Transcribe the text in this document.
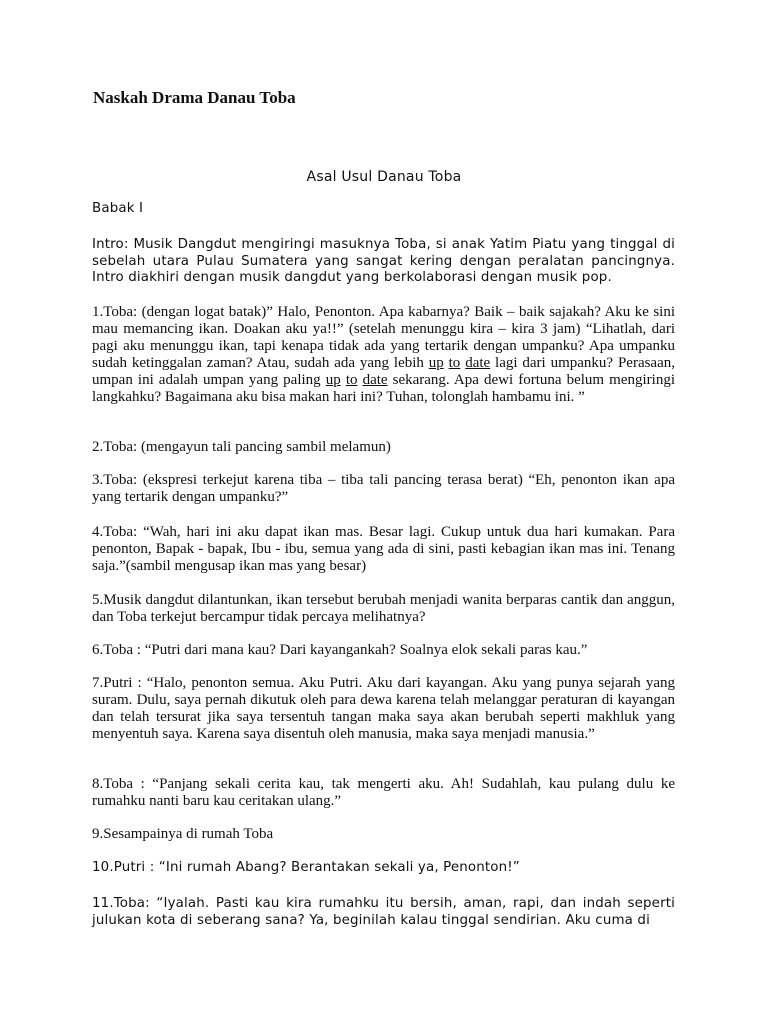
Naskah Drama Danau Toba
Asal Usul Danau Toba

Babak I

Intro: Musik Dangdut mengiringi masuknya Toba, si anak Yatim Piatu yang tinggal di sebelah utara Pulau Sumatera yang sangat kering dengan peralatan pancingnya. Intro diakhiri dengan musik dangdut yang berkolaborasi dengan musik pop.

1.Toba: (dengan logat batak)” Halo, Penonton. Apa kabarnya? Baik – baik sajakah? Aku ke sini mau memancing ikan. Doakan aku ya!!” (setelah menunggu kira – kira 3 jam) “Lihatlah, dari pagi aku menunggu ikan, tapi kenapa tidak ada yang tertarik dengan umpanku? Apa umpanku sudah ketinggalan zaman? Atau, sudah ada yang lebih up to date lagi dari umpanku? Perasaan, umpan ini adalah umpan yang paling up to date sekarang. Apa dewi fortuna belum mengiringi langkahku? Bagaimana aku bisa makan hari ini? Tuhan, tolonglah hambamu ini. ”

2.Toba: (mengayun tali pancing sambil melamun)

3.Toba: (ekspresi terkejut karena tiba – tiba tali pancing terasa berat) “Eh, penonton ikan apa yang tertarik dengan umpanku?”

4.Toba: “Wah, hari ini aku dapat ikan mas. Besar lagi. Cukup untuk dua hari kumakan. Para penonton, Bapak - bapak, Ibu - ibu, semua yang ada di sini, pasti kebagian ikan mas ini. Tenang saja.”(sambil mengusap ikan mas yang besar)

5.Musik dangdut dilantunkan, ikan tersebut berubah menjadi wanita berparas cantik dan anggun, dan Toba terkejut bercampur tidak percaya melihatnya?

6.Toba : “Putri dari mana kau? Dari kayangankah? Soalnya elok sekali paras kau.”

7.Putri : “Halo, penonton semua. Aku Putri. Aku dari kayangan. Aku yang punya sejarah yang suram. Dulu, saya pernah dikutuk oleh para dewa karena telah melanggar peraturan di kayangan dan telah tersurat jika saya tersentuh tangan maka saya akan berubah seperti makhluk yang menyentuh saya. Karena saya disentuh oleh manusia, maka saya menjadi manusia.”

8.Toba : “Panjang sekali cerita kau, tak mengerti aku. Ah! Sudahlah, kau pulang dulu ke rumahku nanti baru kau ceritakan ulang.”

9.Sesampainya di rumah Toba

10.Putri : “Ini rumah Abang? Berantakan sekali ya, Penonton!”

11.Toba: “Iyalah. Pasti kau kira rumahku itu bersih, aman, rapi, dan indah seperti julukan kota di seberang sana? Ya, beginilah kalau tinggal sendirian. Aku cuma di
